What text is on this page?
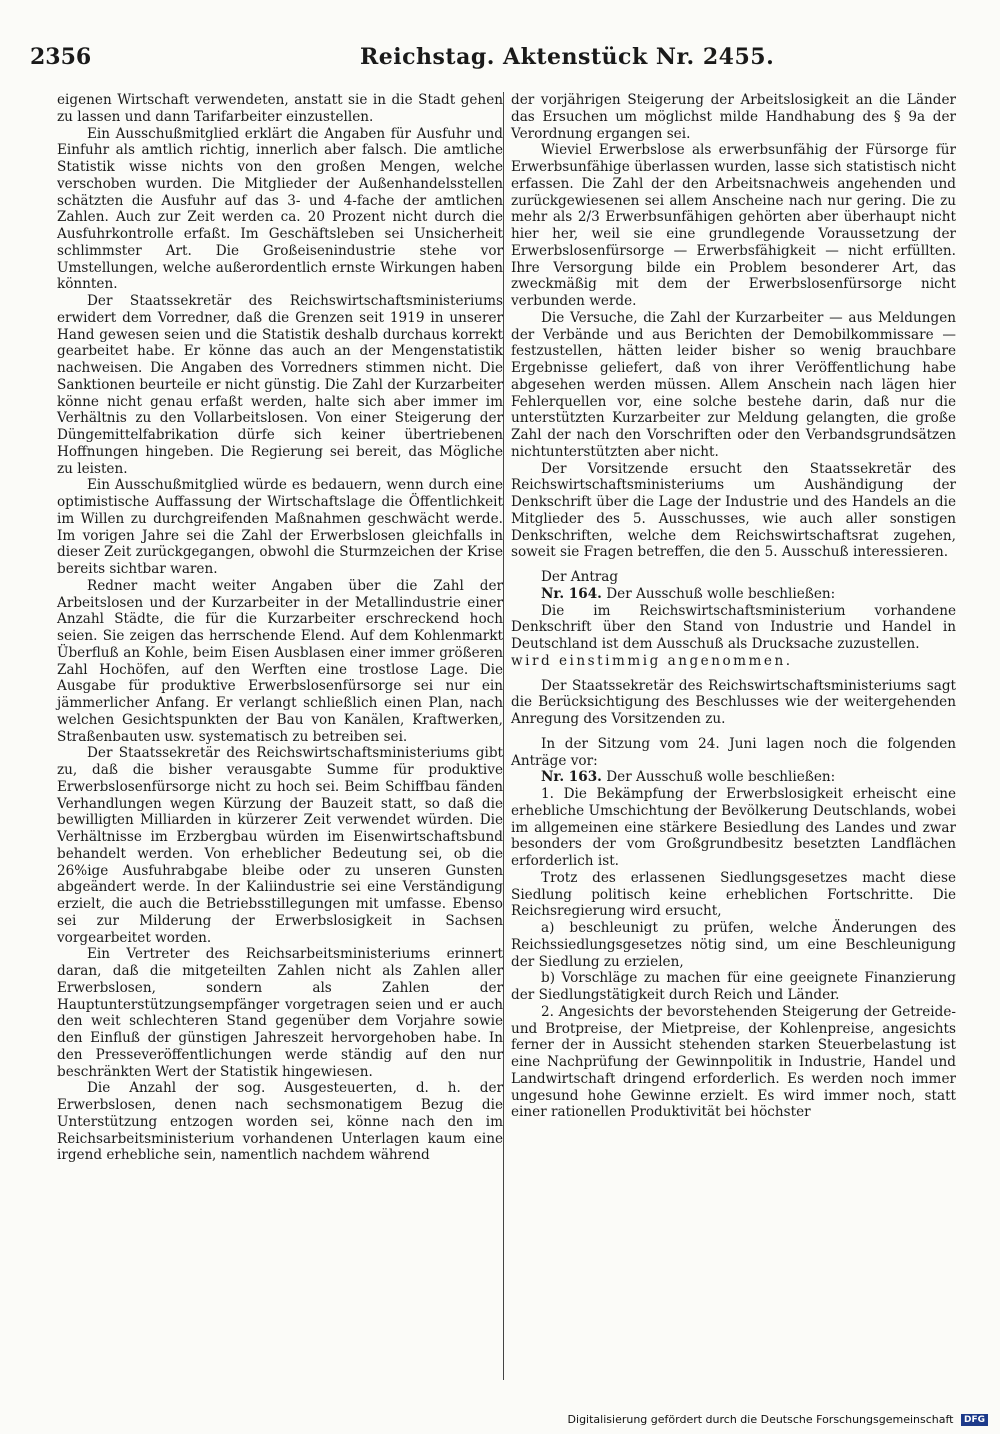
2356	Reichstag. Aktenstück Nr. 2455.

eigenen Wirtschaft verwendeten, anstatt sie in die Stadt gehen zu lassen und dann Tarifarbeiter einzustellen.

Ein Ausschußmitglied erklärt die Angaben für Ausfuhr und Einfuhr als amtlich richtig, innerlich aber falsch. Die amtliche Statistik wisse nichts von den großen Mengen, welche verschoben wurden. Die Mitglieder der Außenhandelsstellen schätzten die Ausfuhr auf das 3- und 4-fache der amtlichen Zahlen. Auch zur Zeit werden ca. 20 Prozent nicht durch die Ausfuhrkontrolle erfaßt. Im Geschäftsleben sei Unsicherheit schlimmster Art. Die Großeisenindustrie stehe vor Umstellungen, welche außerordentlich ernste Wirkungen haben könnten.

Der Staatssekretär des Reichswirtschaftsministeriums erwidert dem Vorredner, daß die Grenzen seit 1919 in unserer Hand gewesen seien und die Statistik deshalb durchaus korrekt gearbeitet habe. Er könne das auch an der Mengenstatistik nachweisen. Die Angaben des Vorredners stimmen nicht. Die Sanktionen beurteile er nicht günstig. Die Zahl der Kurzarbeiter könne nicht genau erfaßt werden, halte sich aber immer im Verhältnis zu den Vollarbeitslosen. Von einer Steigerung der Düngemittelfabrikation dürfe sich keiner übertriebenen Hoffnungen hingeben. Die Regierung sei bereit, das Mögliche zu leisten.

Ein Ausschußmitglied würde es bedauern, wenn durch eine optimistische Auffassung der Wirtschaftslage die Öffentlichkeit im Willen zu durchgreifenden Maßnahmen geschwächt werde. Im vorigen Jahre sei die Zahl der Erwerbslosen gleichfalls in dieser Zeit zurückgegangen, obwohl die Sturmzeichen der Krise bereits sichtbar waren.

Redner macht weiter Angaben über die Zahl der Arbeitslosen und der Kurzarbeiter in der Metallindustrie einer Anzahl Städte, die für die Kurzarbeiter erschreckend hoch seien. Sie zeigen das herrschende Elend. Auf dem Kohlenmarkt Überfluß an Kohle, beim Eisen Ausblasen einer immer größeren Zahl Hochöfen, auf den Werften eine trostlose Lage. Die Ausgabe für produktive Erwerbslosenfürsorge sei nur ein jämmerlicher Anfang. Er verlangt schließlich einen Plan, nach welchen Gesichtspunkten der Bau von Kanälen, Kraftwerken, Straßenbauten usw. systematisch zu betreiben sei.

Der Staatssekretär des Reichswirtschaftsministeriums gibt zu, daß die bisher verausgabte Summe für produktive Erwerbslosenfürsorge nicht zu hoch sei. Beim Schiffbau fänden Verhandlungen wegen Kürzung der Bauzeit statt, so daß die bewilligten Milliarden in kürzerer Zeit verwendet würden. Die Verhältnisse im Erzbergbau würden im Eisenwirtschaftsbund behandelt werden. Von erheblicher Bedeutung sei, ob die 26%ige Ausfuhrabgabe bleibe oder zu unseren Gunsten abgeändert werde. In der Kaliindustrie sei eine Verständigung erzielt, die auch die Betriebsstillegungen mit umfasse. Ebenso sei zur Milderung der Erwerbslosigkeit in Sachsen vorgearbeitet worden.

Ein Vertreter des Reichsarbeitsministeriums erinnert daran, daß die mitgeteilten Zahlen nicht als Zahlen aller Erwerbslosen, sondern als Zahlen der Hauptunterstützungsempfänger vorgetragen seien und er auch den weit schlechteren Stand gegenüber dem Vorjahre sowie den Einfluß der günstigen Jahreszeit hervorgehoben habe. In den Presseveröffentlichungen werde ständig auf den nur beschränkten Wert der Statistik hingewiesen.

Die Anzahl der sog. Ausgesteuerten, d. h. der Erwerbslosen, denen nach sechsmonatigem Bezug die Unterstützung entzogen worden sei, könne nach den im Reichsarbeitsministerium vorhandenen Unterlagen kaum eine irgend erhebliche sein, namentlich nachdem während

der vorjährigen Steigerung der Arbeitslosigkeit an die Länder das Ersuchen um möglichst milde Handhabung des § 9a der Verordnung ergangen sei.

Wieviel Erwerbslose als erwerbsunfähig der Fürsorge für Erwerbsunfähige überlassen wurden, lasse sich statistisch nicht erfassen. Die Zahl der den Arbeitsnachweis angehenden und zurückgewiesenen sei allem Anscheine nach nur gering. Die zu mehr als 2/3 Erwerbsunfähigen gehörten aber überhaupt nicht hier her, weil sie eine grundlegende Voraussetzung der Erwerbslosenfürsorge — Erwerbsfähigkeit — nicht erfüllten. Ihre Versorgung bilde ein Problem besonderer Art, das zweckmäßig mit dem der Erwerbslosenfürsorge nicht verbunden werde.

Die Versuche, die Zahl der Kurzarbeiter — aus Meldungen der Verbände und aus Berichten der Demobilkommissare — festzustellen, hätten leider bisher so wenig brauchbare Ergebnisse geliefert, daß von ihrer Veröffentlichung habe abgesehen werden müssen. Allem Anschein nach lägen hier Fehlerquellen vor, eine solche bestehe darin, daß nur die unterstützten Kurzarbeiter zur Meldung gelangten, die große Zahl der nach den Vorschriften oder den Verbandsgrundsätzen nichtunterstützten aber nicht.

Der Vorsitzende ersucht den Staatssekretär des Reichswirtschaftsministeriums um Aushändigung der Denkschrift über die Lage der Industrie und des Handels an die Mitglieder des 5. Ausschusses, wie auch aller sonstigen Denkschriften, welche dem Reichswirtschaftsrat zugehen, soweit sie Fragen betreffen, die den 5. Ausschuß interessieren.

Der Antrag

Nr. 164. Der Ausschuß wolle beschließen:

Die im Reichswirtschaftsministerium vorhandene Denkschrift über den Stand von Industrie und Handel in Deutschland ist dem Ausschuß als Drucksache zuzustellen.

wird einstimmig angenommen.

Der Staatssekretär des Reichswirtschaftsministeriums sagt die Berücksichtigung des Beschlusses wie der weitergehenden Anregung des Vorsitzenden zu.

In der Sitzung vom 24. Juni lagen noch die folgenden Anträge vor:

Nr. 163. Der Ausschuß wolle beschließen:

1. Die Bekämpfung der Erwerbslosigkeit erheischt eine erhebliche Umschichtung der Bevölkerung Deutschlands, wobei im allgemeinen eine stärkere Besiedlung des Landes und zwar besonders der vom Großgrundbesitz besetzten Landflächen erforderlich ist.

Trotz des erlassenen Siedlungsgesetzes macht diese Siedlung politisch keine erheblichen Fortschritte. Die Reichsregierung wird ersucht,

a) beschleunigt zu prüfen, welche Änderungen des Reichssiedlungsgesetzes nötig sind, um eine Beschleunigung der Siedlung zu erzielen,

b) Vorschläge zu machen für eine geeignete Finanzierung der Siedlungstätigkeit durch Reich und Länder.

2. Angesichts der bevorstehenden Steigerung der Getreide- und Brotpreise, der Mietpreise, der Kohlenpreise, angesichts ferner der in Aussicht stehenden starken Steuerbelastung ist eine Nachprüfung der Gewinnpolitik in Industrie, Handel und Landwirtschaft dringend erforderlich. Es werden noch immer ungesund hohe Gewinne erzielt. Es wird immer noch, statt einer rationellen Produktivität bei höchster

Digitalisierung gefördert durch die Deutsche Forschungsgemeinschaft DFG
